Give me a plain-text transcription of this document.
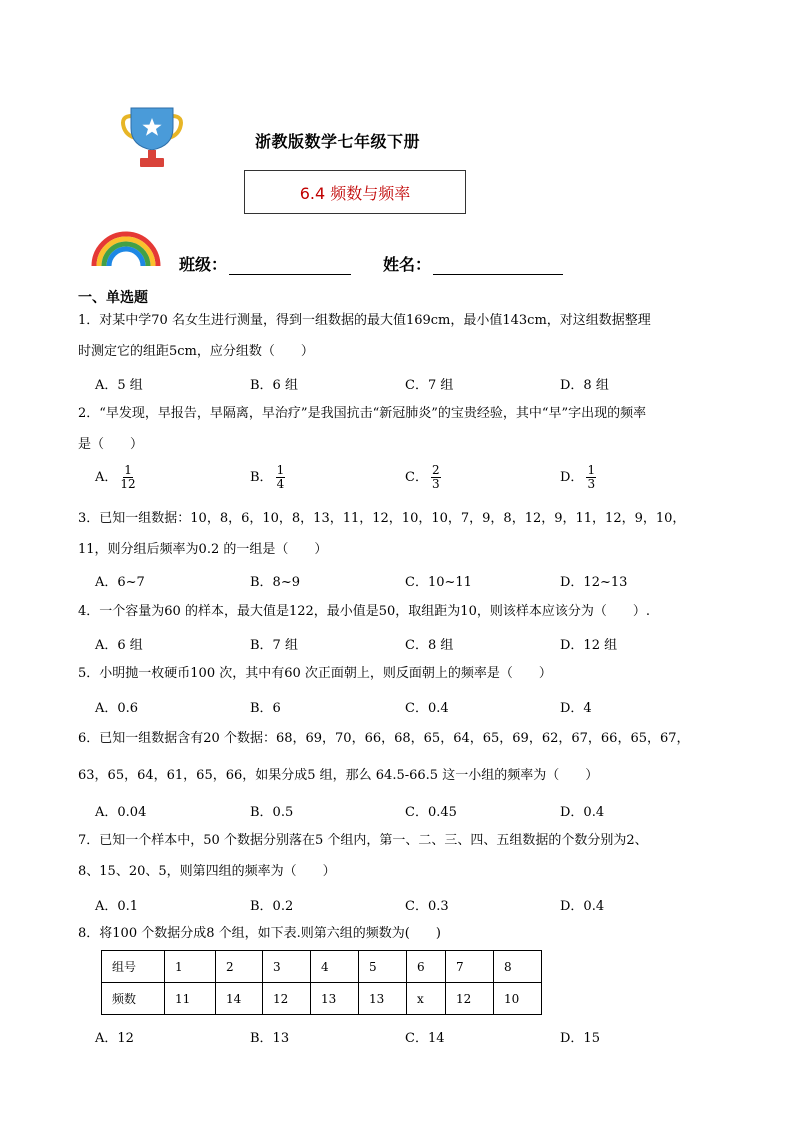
浙教版数学七年级下册
6.4 频数与频率
班级：	姓名：
一、单选题
1．对某中学70 名女生进行测量，得到一组数据的最大值169cm，最小值143cm，对这组数据整理
时测定它的组距5cm，应分组数（　　）
A．5 组	B．6 组	C．7 组	D．8 组
2．“早发现，早报告，早隔离，早治疗”是我国抗击“新冠肺炎”的宝贵经验，其中“早”字出现的频率
是（　　）
A． $\frac{1}{12}$	B． $\frac{1}{4}$	C． $\frac{2}{3}$	D． $\frac{1}{3}$
3．已知一组数据：10，8，6，10，8，13，11，12，10，10，7，9，8，12，9，11，12，9，10，
11，则分组后频率为0.2 的一组是（　　）
A．6~7	B．8~9	C．10~11	D．12~13
4．一个容量为60 的样本，最大值是122，最小值是50，取组距为10，则该样本应该分为（　　）.
A．6 组	B．7 组	C．8 组	D．12 组
5．小明抛一枚硬币100 次，其中有60 次正面朝上，则反面朝上的频率是（　　）
A．0.6	B．6	C．0.4	D．4
6．已知一组数据含有20 个数据：68，69，70，66，68，65，64，65，69，62，67，66，65，67，
63，65，64，61，65，66，如果分成5 组，那么 64.5-66.5 这一小组的频率为（　　）
A．0.04	B．0.5	C．0.45	D．0.4
7．已知一个样本中，50 个数据分别落在5 个组内，第一、二、三、四、五组数据的个数分别为2、
8、15、20、5，则第四组的频率为（　　）
A．0.1	B．0.2	C．0.3	D．0.4
8．将100 个数据分成8 个组，如下表.则第六组的频数为(　　)
组号	1	2	3	4	5	6	7	8
频数	11	14	12	13	13	x	12	10
A．12	B．13	C．14	D．15
